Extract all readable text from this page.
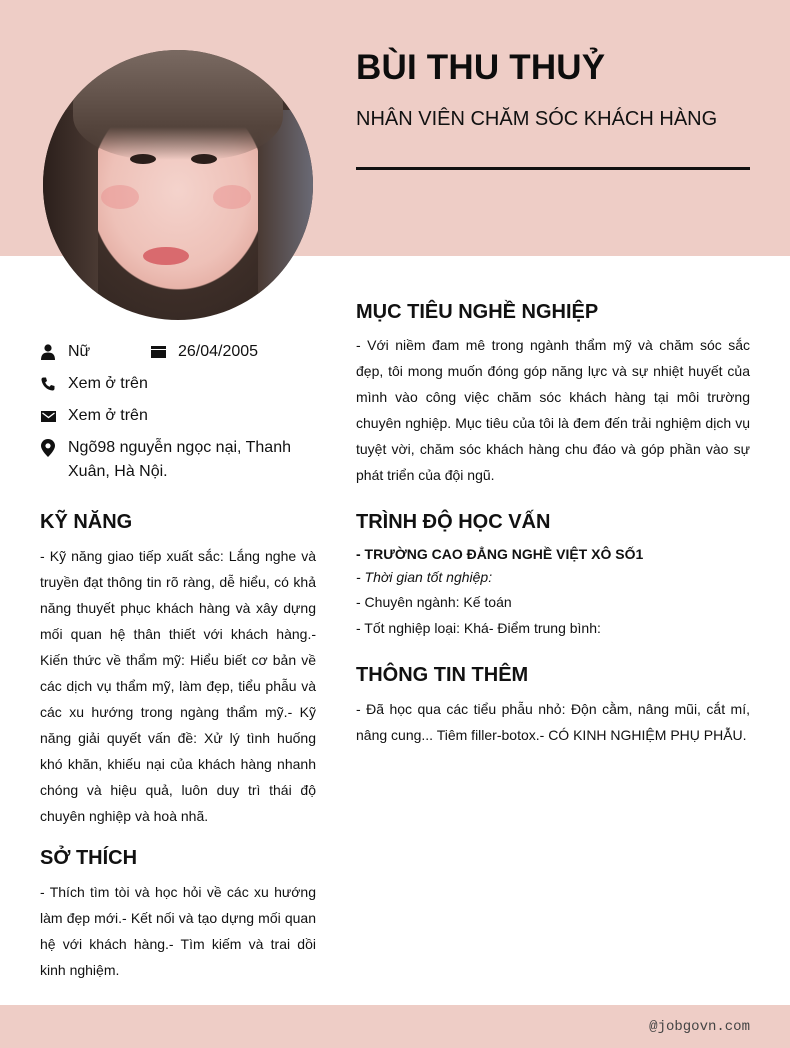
BÙI THU THUỶ
NHÂN VIÊN CHĂM SÓC KHÁCH HÀNG
Nữ	26/04/2005
Xem ở trên
Xem ở trên
Ngõ98 nguyễn ngọc nại, Thanh Xuân, Hà Nội.
KỸ NĂNG
- Kỹ năng giao tiếp xuất sắc: Lắng nghe và truyền đạt thông tin rõ ràng, dễ hiểu, có khả năng thuyết phục khách hàng và xây dựng mối quan hệ thân thiết với khách hàng.- Kiến thức về thẩm mỹ: Hiểu biết cơ bản về các dịch vụ thẩm mỹ, làm đẹp, tiểu phẫu và các xu hướng trong ngàng thẩm mỹ.- Kỹ năng giải quyết vấn đề: Xử lý tình huống khó khăn, khiếu nại của khách hàng nhanh chóng và hiệu quả, luôn duy trì thái độ chuyên nghiệp và hoà nhã.
SỞ THÍCH
- Thích tìm tòi và học hỏi về các xu hướng làm đẹp mới.- Kết nối và tạo dựng mối quan hệ với khách hàng.- Tìm kiếm và trai dồi kinh nghiệm.
MỤC TIÊU NGHỀ NGHIỆP
- Với niềm đam mê trong ngành thẩm mỹ và chăm sóc sắc đẹp, tôi mong muốn đóng góp năng lực và sự nhiệt huyết của mình vào công việc chăm sóc khách hàng tại môi trường chuyên nghiệp. Mục tiêu của tôi là đem đến trải nghiệm dịch vụ tuyệt vời, chăm sóc khách hàng chu đáo và góp phần vào sự phát triển của đội ngũ.
TRÌNH ĐỘ HỌC VẤN
- TRƯỜNG CAO ĐẲNG NGHỀ VIỆT XÔ SỐ1
- Thời gian tốt nghiệp:
- Chuyên ngành: Kế toán
- Tốt nghiệp loại: Khá- Điểm trung bình:
THÔNG TIN THÊM
- Đã học qua các tiểu phẫu nhỏ: Độn cằm, nâng mũi, cắt mí, nâng cung... Tiêm filler-botox.- CÓ KINH NGHIỆM PHỤ PHẪU.
@jobgovn.com
